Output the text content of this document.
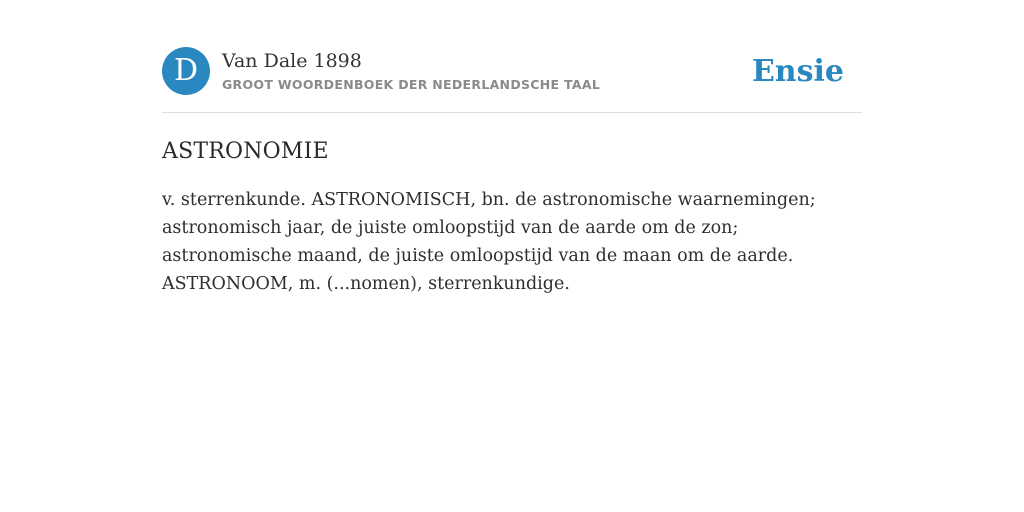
D Van Dale 1898
GROOT WOORDENBOEK DER NEDERLANDSCHE TAAL	Ensie
ASTRONOMIE
v. sterrenkunde. ASTRONOMISCH, bn. de astronomische waarnemingen; astronomisch jaar, de juiste omloopstijd van de aarde om de zon; astronomische maand, de juiste omloopstijd van de maan om de aarde. ASTRONOOM, m. (...nomen), sterrenkundige.
